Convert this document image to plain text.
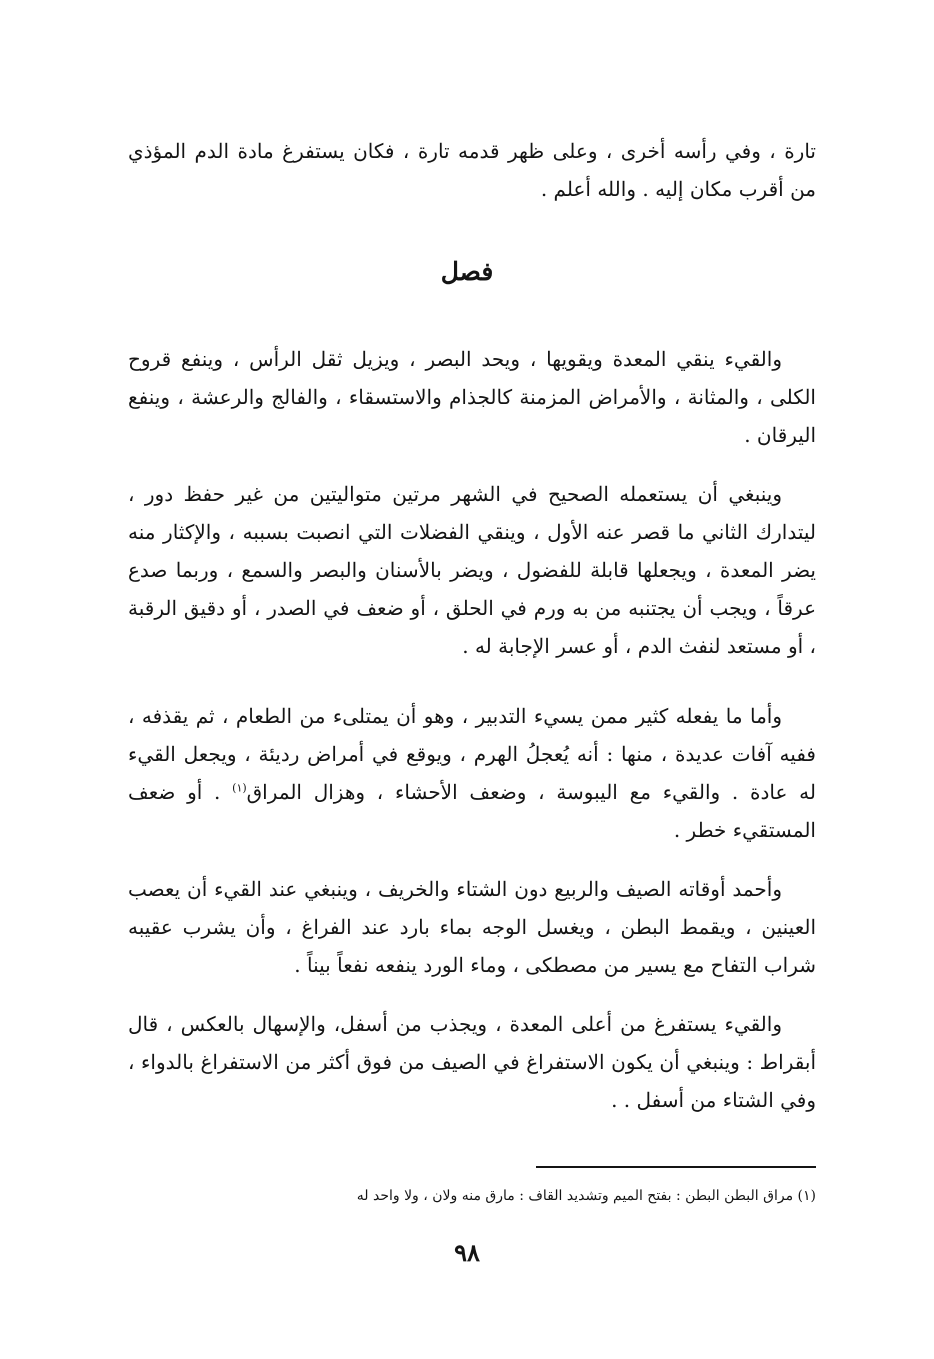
تارة ، وفي رأسه أخرى ، وعلى ظهر قدمه تارة ، فكان يستفرغ مادة الدم المؤذي من أقرب مكان إليه . والله أعلم .

فصل
والقيء ينقي المعدة ويقويها ، ويحد البصر ، ويزيل ثقل الرأس ، وينفع قروح الكلى ، والمثانة ، والأمراض المزمنة كالجذام والاستسقاء ، والفالج والرعشة ، وينفع اليرقان .
وينبغي أن يستعمله الصحيح في الشهر مرتين متواليتين من غير حفظ دور ، ليتدارك الثاني ما قصر عنه الأول ، وينقي الفضلات التي انصبت بسببه ، والإكثار منه يضر المعدة ، ويجعلها قابلة للفضول ، ويضر بالأسنان والبصر والسمع ، وربما صدع عرقاً ، ويجب أن يجتنبه من به ورم في الحلق ، أو ضعف في الصدر ، أو دقيق الرقبة ، أو مستعد لنفث الدم ، أو عسر الإجابة له .
وأما ما يفعله كثير ممن يسيء التدبير ، وهو أن يمتلىء من الطعام ، ثم يقذفه ، ففيه آفات عديدة ، منها : أنه يُعجلُ الهرم ، ويوقع في أمراض رديئة ، ويجعل القيء له عادة . والقيء مع اليبوسة ، وضعف الأحشاء ، وهزال المراق$^{(١)}$ . أو ضعف المستقيء خطر .
وأحمد أوقاته الصيف والربيع دون الشتاء والخريف ، وينبغي عند القيء أن يعصب العينين ، ويقمط البطن ، ويغسل الوجه بماء بارد عند الفراغ ، وأن يشرب عقيبه شراب التفاح مع يسير من مصطكى ، وماء الورد ينفعه نفعاً بيناً .
والقيء يستفرغ من أعلى المعدة ، ويجذب من أسفل، والإسهال بالعكس ، قال أبقراط : وينبغي أن يكون الاستفراغ في الصيف من فوق أكثر من الاستفراغ بالدواء ، وفي الشتاء من أسفل . .
(١) مراق البطن البطن : بفتح الميم وتشديد القاف : مارق منه ولان ، ولا واحد له
٩٨
